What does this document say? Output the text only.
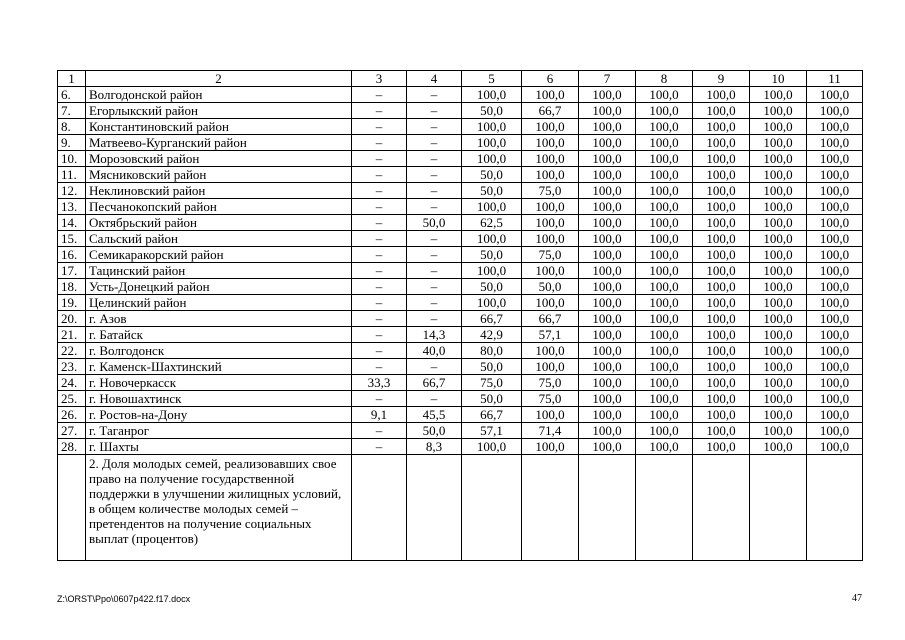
1	2	3	4	5	6	7	8	9	10	11
6.	Волгодонской район	–	–	100,0	100,0	100,0	100,0	100,0	100,0	100,0
7.	Егорлыкский район	–	–	50,0	66,7	100,0	100,0	100,0	100,0	100,0
8.	Константиновский район	–	–	100,0	100,0	100,0	100,0	100,0	100,0	100,0
9.	Матвеево-Курганский район	–	–	100,0	100,0	100,0	100,0	100,0	100,0	100,0
10.	Морозовский район	–	–	100,0	100,0	100,0	100,0	100,0	100,0	100,0
11.	Мясниковский район	–	–	50,0	100,0	100,0	100,0	100,0	100,0	100,0
12.	Неклиновский район	–	–	50,0	75,0	100,0	100,0	100,0	100,0	100,0
13.	Песчанокопский район	–	–	100,0	100,0	100,0	100,0	100,0	100,0	100,0
14.	Октябрьский район	–	50,0	62,5	100,0	100,0	100,0	100,0	100,0	100,0
15.	Сальский район	–	–	100,0	100,0	100,0	100,0	100,0	100,0	100,0
16.	Семикаракорский район	–	–	50,0	75,0	100,0	100,0	100,0	100,0	100,0
17.	Тацинский район	–	–	100,0	100,0	100,0	100,0	100,0	100,0	100,0
18.	Усть-Донецкий район	–	–	50,0	50,0	100,0	100,0	100,0	100,0	100,0
19.	Целинский район	–	–	100,0	100,0	100,0	100,0	100,0	100,0	100,0
20.	г. Азов	–	–	66,7	66,7	100,0	100,0	100,0	100,0	100,0
21.	г. Батайск	–	14,3	42,9	57,1	100,0	100,0	100,0	100,0	100,0
22.	г. Волгодонск	–	40,0	80,0	100,0	100,0	100,0	100,0	100,0	100,0
23.	г. Каменск-Шахтинский	–	–	50,0	100,0	100,0	100,0	100,0	100,0	100,0
24.	г. Новочеркасск	33,3	66,7	75,0	75,0	100,0	100,0	100,0	100,0	100,0
25.	г. Новошахтинск	–	–	50,0	75,0	100,0	100,0	100,0	100,0	100,0
26.	г. Ростов-на-Дону	9,1	45,5	66,7	100,0	100,0	100,0	100,0	100,0	100,0
27.	г. Таганрог	–	50,0	57,1	71,4	100,0	100,0	100,0	100,0	100,0
28.	г. Шахты	–	8,3	100,0	100,0	100,0	100,0	100,0	100,0	100,0
	2. Доля молодых семей, реализовавших свое право на получение государственной поддержки в улучшении жилищных условий, в общем количестве молодых семей – претендентов на получение социальных выплат (процентов)									
Z:\ORST\Ppo\0607p422.f17.docx	47
